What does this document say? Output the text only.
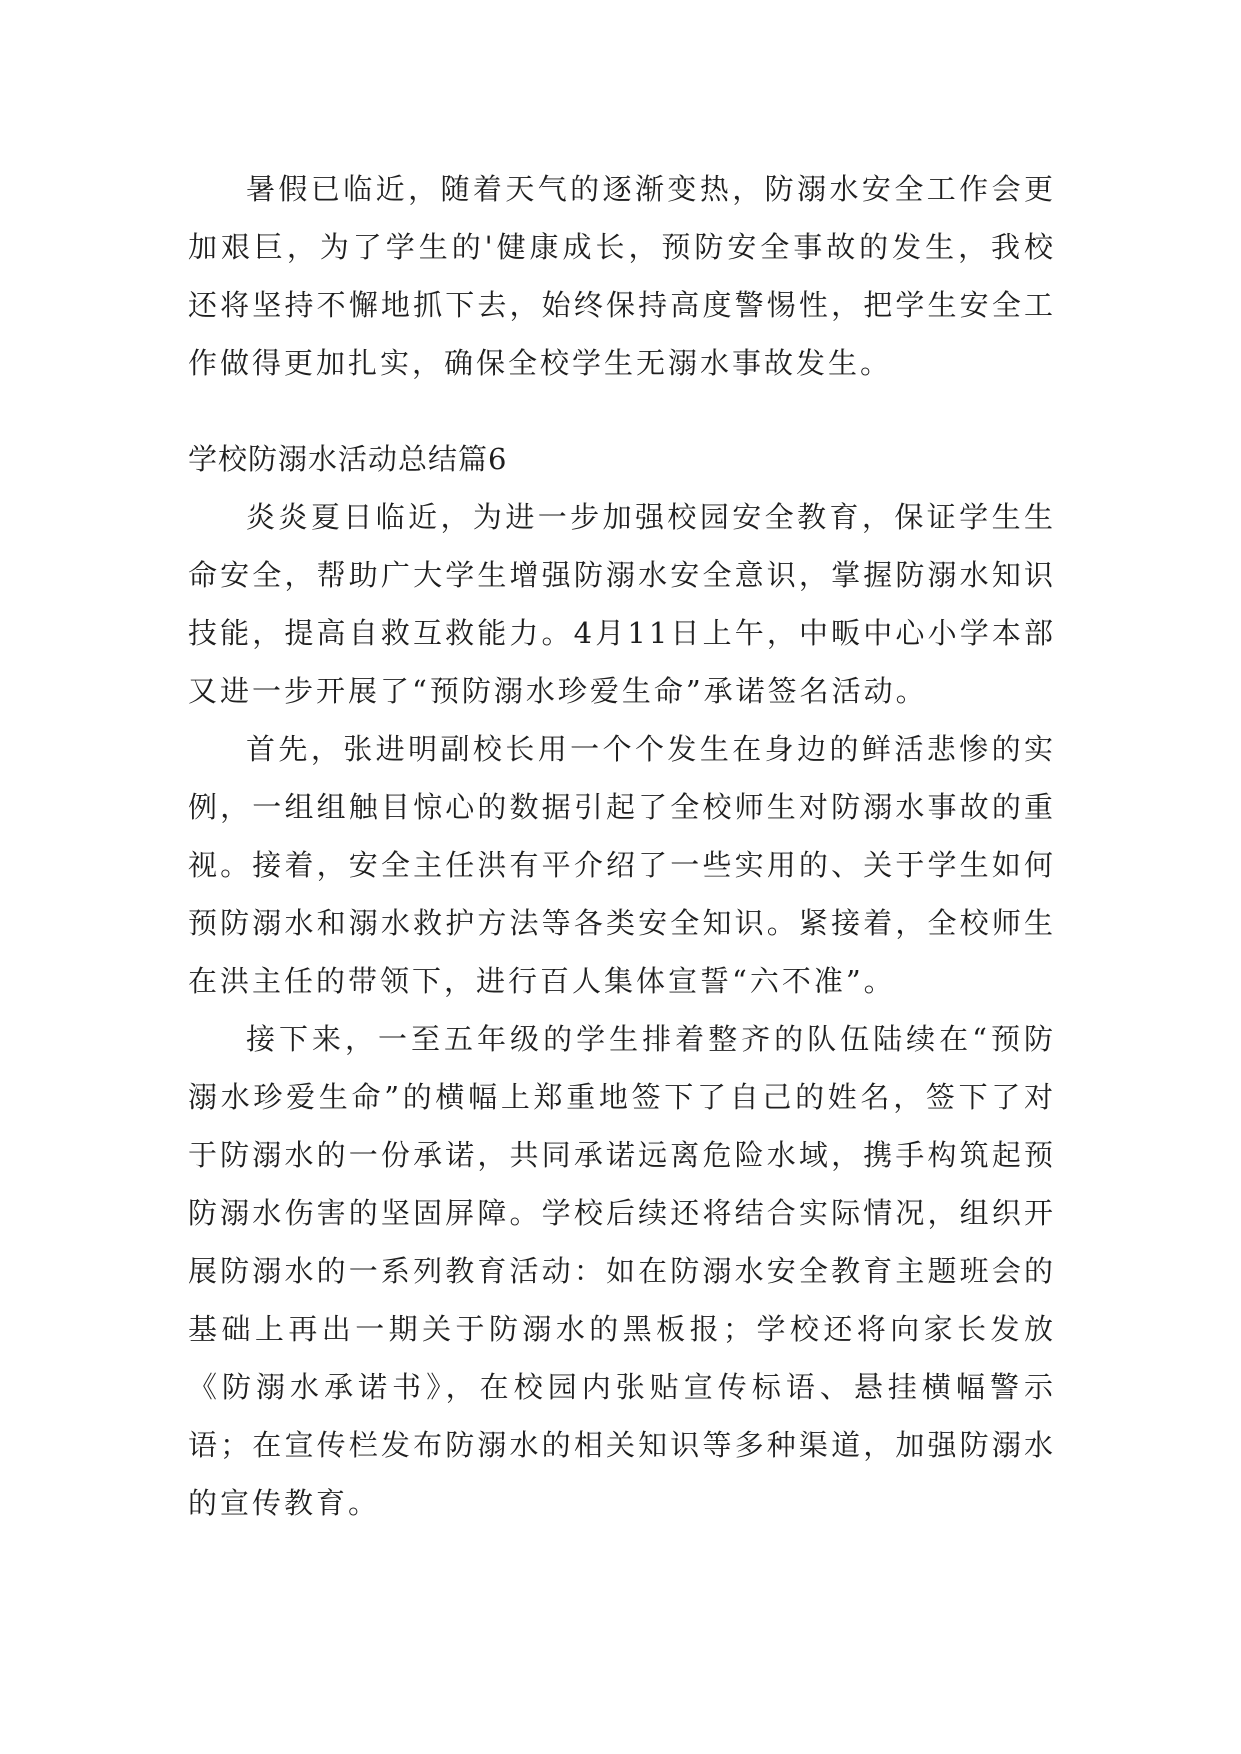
暑假已临近，随着天气的逐渐变热，防溺水安全工作会更加艰巨，为了学生的'健康成长，预防安全事故的发生，我校还将坚持不懈地抓下去，始终保持高度警惕性，把学生安全工作做得更加扎实，确保全校学生无溺水事故发生。

学校防溺水活动总结篇6

炎炎夏日临近，为进一步加强校园安全教育，保证学生生命安全，帮助广大学生增强防溺水安全意识，掌握防溺水知识技能，提高自救互救能力。4月11日上午，中畈中心小学本部又进一步开展了“预防溺水珍爱生命”承诺签名活动。

首先，张进明副校长用一个个发生在身边的鲜活悲惨的实例，一组组触目惊心的数据引起了全校师生对防溺水事故的重视。接着，安全主任洪有平介绍了一些实用的、关于学生如何预防溺水和溺水救护方法等各类安全知识。紧接着，全校师生在洪主任的带领下，进行百人集体宣誓“六不准”。

接下来，一至五年级的学生排着整齐的队伍陆续在“预防溺水珍爱生命”的横幅上郑重地签下了自己的姓名，签下了对于防溺水的一份承诺，共同承诺远离危险水域，携手构筑起预防溺水伤害的坚固屏障。学校后续还将结合实际情况，组织开展防溺水的一系列教育活动：如在防溺水安全教育主题班会的基础上再出一期关于防溺水的黑板报；学校还将向家长发放《防溺水承诺书》，在校园内张贴宣传标语、悬挂横幅警示语；在宣传栏发布防溺水的相关知识等多种渠道，加强防溺水的宣传教育。
